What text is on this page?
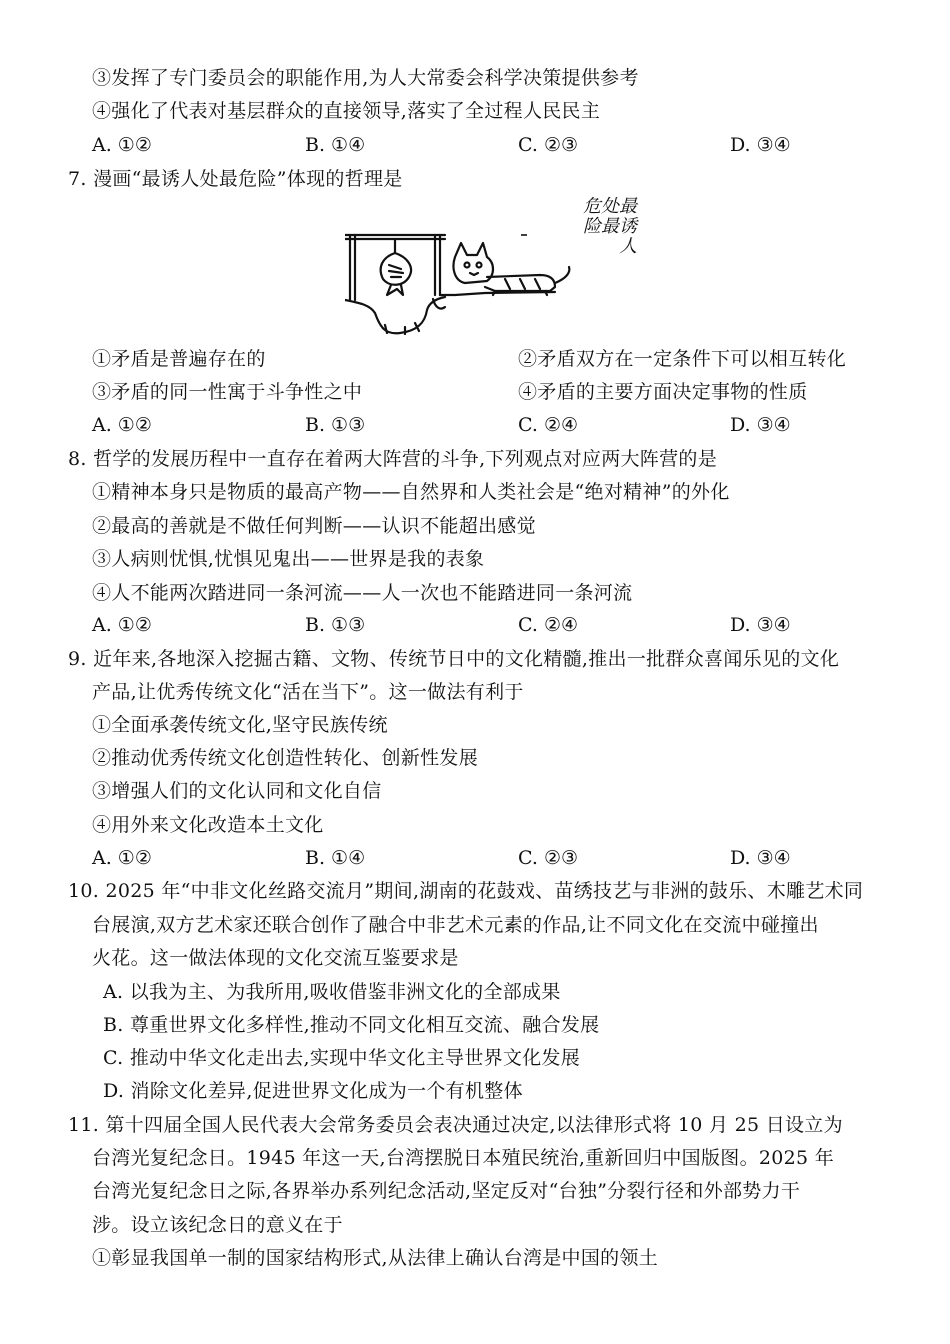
③发挥了专门委员会的职能作用,为人大常委会科学决策提供参考
④强化了代表对基层群众的直接领导,落实了全过程人民民主
A. ①②	B. ①④	C. ②③	D. ③④
7. 漫画“最诱人处最危险”体现的哲理是
危处最
险最诱
人
①矛盾是普遍存在的	②矛盾双方在一定条件下可以相互转化
③矛盾的同一性寓于斗争性之中	④矛盾的主要方面决定事物的性质
A. ①②	B. ①③	C. ②④	D. ③④
8. 哲学的发展历程中一直存在着两大阵营的斗争,下列观点对应两大阵营的是
①精神本身只是物质的最高产物——自然界和人类社会是“绝对精神”的外化
②最高的善就是不做任何判断——认识不能超出感觉
③人病则忧惧,忧惧见鬼出——世界是我的表象
④人不能两次踏进同一条河流——人一次也不能踏进同一条河流
A. ①②	B. ①③	C. ②④	D. ③④
9. 近年来,各地深入挖掘古籍、文物、传统节日中的文化精髓,推出一批群众喜闻乐见的文化
产品,让优秀传统文化“活在当下”。这一做法有利于
①全面承袭传统文化,坚守民族传统
②推动优秀传统文化创造性转化、创新性发展
③增强人们的文化认同和文化自信
④用外来文化改造本土文化
A. ①②	B. ①④	C. ②③	D. ③④
10. 2025 年“中非文化丝路交流月”期间,湖南的花鼓戏、苗绣技艺与非洲的鼓乐、木雕艺术同
台展演,双方艺术家还联合创作了融合中非艺术元素的作品,让不同文化在交流中碰撞出
火花。这一做法体现的文化交流互鉴要求是
A. 以我为主、为我所用,吸收借鉴非洲文化的全部成果
B. 尊重世界文化多样性,推动不同文化相互交流、融合发展
C. 推动中华文化走出去,实现中华文化主导世界文化发展
D. 消除文化差异,促进世界文化成为一个有机整体
11. 第十四届全国人民代表大会常务委员会表决通过决定,以法律形式将 10 月 25 日设立为
台湾光复纪念日。1945 年这一天,台湾摆脱日本殖民统治,重新回归中国版图。2025 年
台湾光复纪念日之际,各界举办系列纪念活动,坚定反对“台独”分裂行径和外部势力干
涉。设立该纪念日的意义在于
①彰显我国单一制的国家结构形式,从法律上确认台湾是中国的领土
